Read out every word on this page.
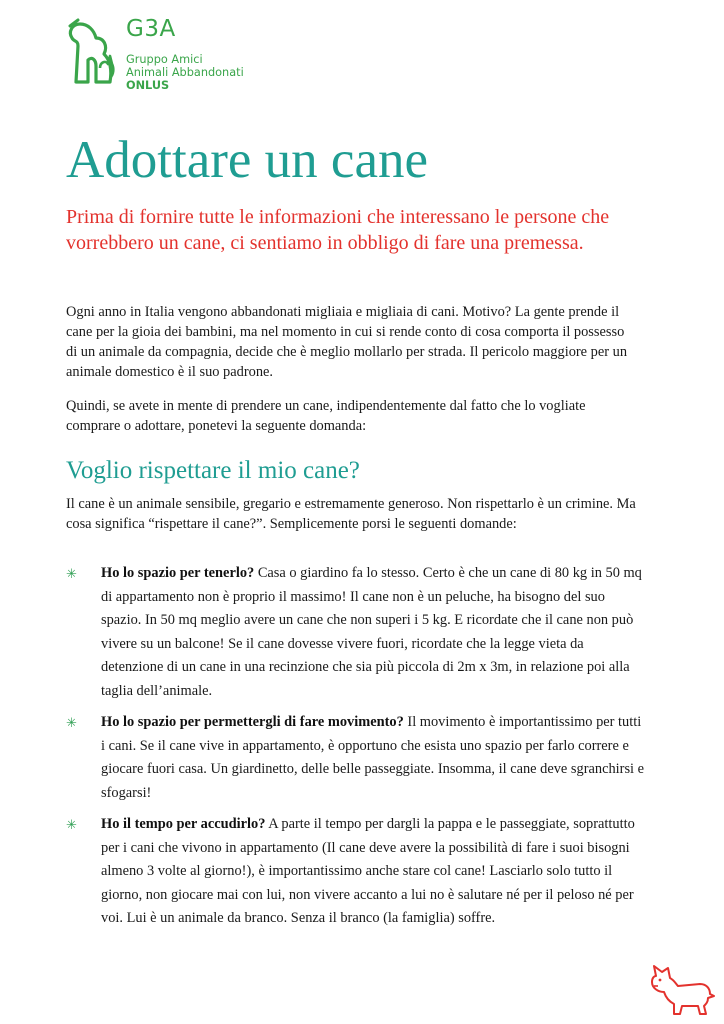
G3A
Gruppo Amici
Animali Abbandonati
ONLUS
Adottare un cane

Prima di fornire tutte le informazioni che interessano le persone che vorrebbero un cane, ci sentiamo in obbligo di fare una premessa.

Ogni anno in Italia vengono abbandonati migliaia e migliaia di cani. Motivo? La gente prende il cane per la gioia dei bambini, ma nel momento in cui si rende conto di cosa comporta il possesso di un animale da compagnia, decide che è meglio mollarlo per strada. Il pericolo maggiore per un animale domestico è il suo padrone.

Quindi, se avete in mente di prendere un cane, indipendentemente dal fatto che lo vogliate comprare o adottare, ponetevi la seguente domanda:

Voglio rispettare il mio cane?

Il cane è un animale sensibile, gregario e estremamente generoso. Non rispettarlo è un crimine. Ma cosa significa “rispettare il cane?”. Semplicemente porsi le seguenti domande:

✳ Ho lo spazio per tenerlo? Casa o giardino fa lo stesso. Certo è che un cane di 80 kg in 50 mq di appartamento non è proprio il massimo! Il cane non è un peluche, ha bisogno del suo spazio. In 50 mq meglio avere un cane che non superi i 5 kg. E ricordate che il cane non può vivere su un balcone! Se il cane dovesse vivere fuori, ricordate che la legge vieta da detenzione di un cane in una recinzione che sia più piccola di 2m x 3m, in relazione poi alla taglia dell’animale.
✳ Ho lo spazio per permettergli di fare movimento? Il movimento è importantissimo per tutti i cani. Se il cane vive in appartamento, è opportuno che esista uno spazio per farlo correre e giocare fuori casa. Un giardinetto, delle belle passeggiate. Insomma, il cane deve sgranchirsi e sfogarsi!
✳ Ho il tempo per accudirlo? A parte il tempo per dargli la pappa e le passeggiate, soprattutto per i cani che vivono in appartamento (Il cane deve avere la possibilità di fare i suoi bisogni almeno 3 volte al giorno!), è importantissimo anche stare col cane! Lasciarlo solo tutto il giorno, non giocare mai con lui, non vivere accanto a lui no è salutare né per il peloso né per voi. Lui è un animale da branco. Senza il branco (la famiglia) soffre.
